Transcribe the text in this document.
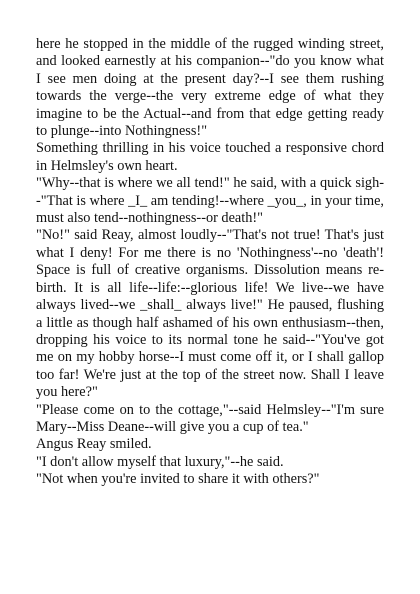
here he stopped in the middle of the rugged winding street, and looked earnestly at his companion--"do you know what I see men doing at the present day?--I see them rushing towards the verge--the very extreme edge of what they imagine to be the Actual--and from that edge getting ready to plunge--into Nothingness!"

Something thrilling in his voice touched a responsive chord in Helmsley's own heart.

"Why--that is where we all tend!" he said, with a quick sigh--"That is where _I_ am tending!--where _you_, in your time, must also tend--nothingness--or death!"

"No!" said Reay, almost loudly--"That's not true! That's just what I deny! For me there is no 'Nothingness'--no 'death'! Space is full of creative organisms. Dissolution means re-birth. It is all life--life:--glorious life! We live--we have always lived--we _shall_ always live!" He paused, flushing a little as though half ashamed of his own enthusiasm--then, dropping his voice to its normal tone he said--"You've got me on my hobby horse--I must come off it, or I shall gallop too far! We're just at the top of the street now. Shall I leave you here?"

"Please come on to the cottage,"--said Helmsley--"I'm sure Mary--Miss Deane--will give you a cup of tea."

Angus Reay smiled.

"I don't allow myself that luxury,"--he said.

"Not when you're invited to share it with others?"
